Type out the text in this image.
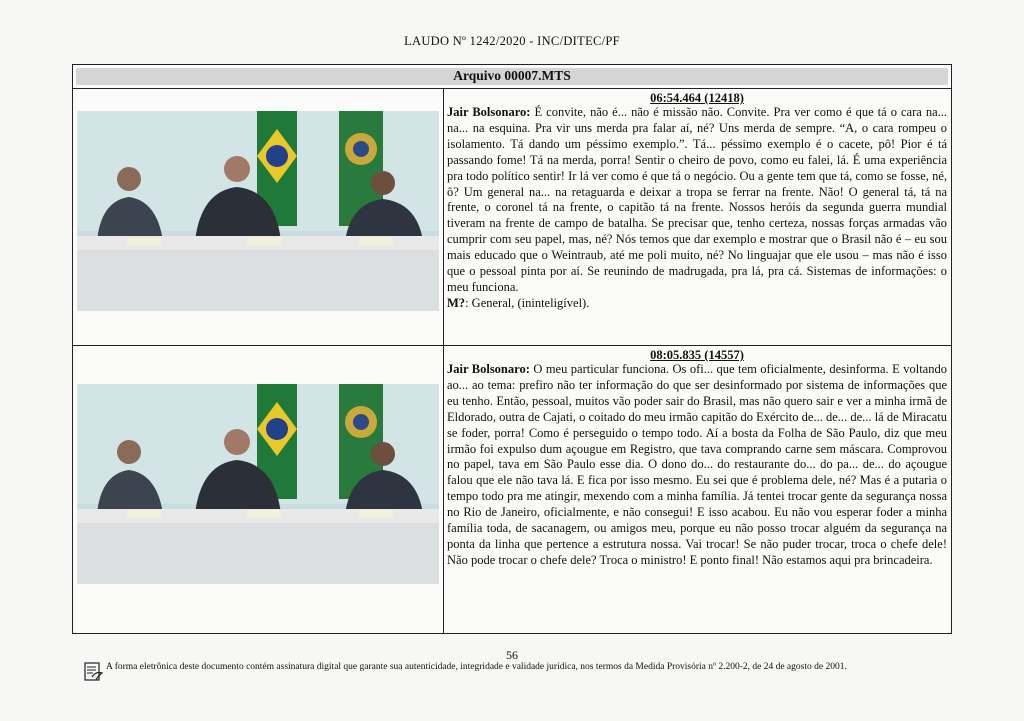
LAUDO Nº 1242/2020 - INC/DITEC/PF
Arquivo 00007.MTS
06:54.464 (12418)

Jair Bolsonaro: É convite, não é... não é missão não. Convite. Pra ver como é que tá o cara na... na... na esquina. Pra vir uns merda pra falar aí, né? Uns merda de sempre. “A, o cara rompeu o isolamento. Tá dando um péssimo exemplo.”. Tá... péssimo exemplo é o cacete, pô! Pior é tá passando fome! Tá na merda, porra! Sentir o cheiro de povo, como eu falei, lá. É uma experiência pra todo político sentir! Ir lá ver como é que tá o negócio. Ou a gente tem que tá, como se fosse, né, ô? Um general na... na retaguarda e deixar a tropa se ferrar na frente. Não! O general tá, tá na frente, o coronel tá na frente, o capitão tá na frente. Nossos heróis da segunda guerra mundial tiveram na frente de campo de batalha. Se precisar que, tenho certeza, nossas forças armadas vão cumprir com seu papel, mas, né? Nós temos que dar exemplo e mostrar que o Brasil não é – eu sou mais educado que o Weintraub, até me poli muito, né? No linguajar que ele usou – mas não é isso que o pessoal pinta por aí. Se reunindo de madrugada, pra lá, pra cá. Sistemas de informações: o meu funciona.

M?: General, (ininteligível).

08:05.835 (14557)

Jair Bolsonaro: O meu particular funciona. Os ofi... que tem oficialmente, desinforma. E voltando ao... ao tema: prefiro não ter informação do que ser desinformado por sistema de informações que eu tenho. Então, pessoal, muitos vão poder sair do Brasil, mas não quero sair e ver a minha irmã de Eldorado, outra de Cajati, o coitado do meu irmão capitão do Exército de... de... de... lá de Miracatu se foder, porra! Como é perseguido o tempo todo. Aí a bosta da Folha de São Paulo, diz que meu irmão foi expulso dum açougue em Registro, que tava comprando carne sem máscara. Comprovou no papel, tava em São Paulo esse dia. O dono do... do restaurante do... do pa... de... do açougue falou que ele não tava lá. E fica por isso mesmo. Eu sei que é problema dele, né? Mas é a putaria o tempo todo pra me atingir, mexendo com a minha família. Já tentei trocar gente da segurança nossa no Rio de Janeiro, oficialmente, e não consegui! E isso acabou. Eu não vou esperar foder a minha família toda, de sacanagem, ou amigos meu, porque eu não posso trocar alguém da segurança na ponta da linha que pertence a estrutura nossa. Vai trocar! Se não puder trocar, troca o chefe dele! Não pode trocar o chefe dele? Troca o ministro! E ponto final! Não estamos aqui pra brincadeira.

56
A forma eletrônica deste documento contém assinatura digital que garante sua autenticidade, integridade e validade jurídica, nos termos da Medida Provisória nº 2.200-2, de 24 de agosto de 2001.
